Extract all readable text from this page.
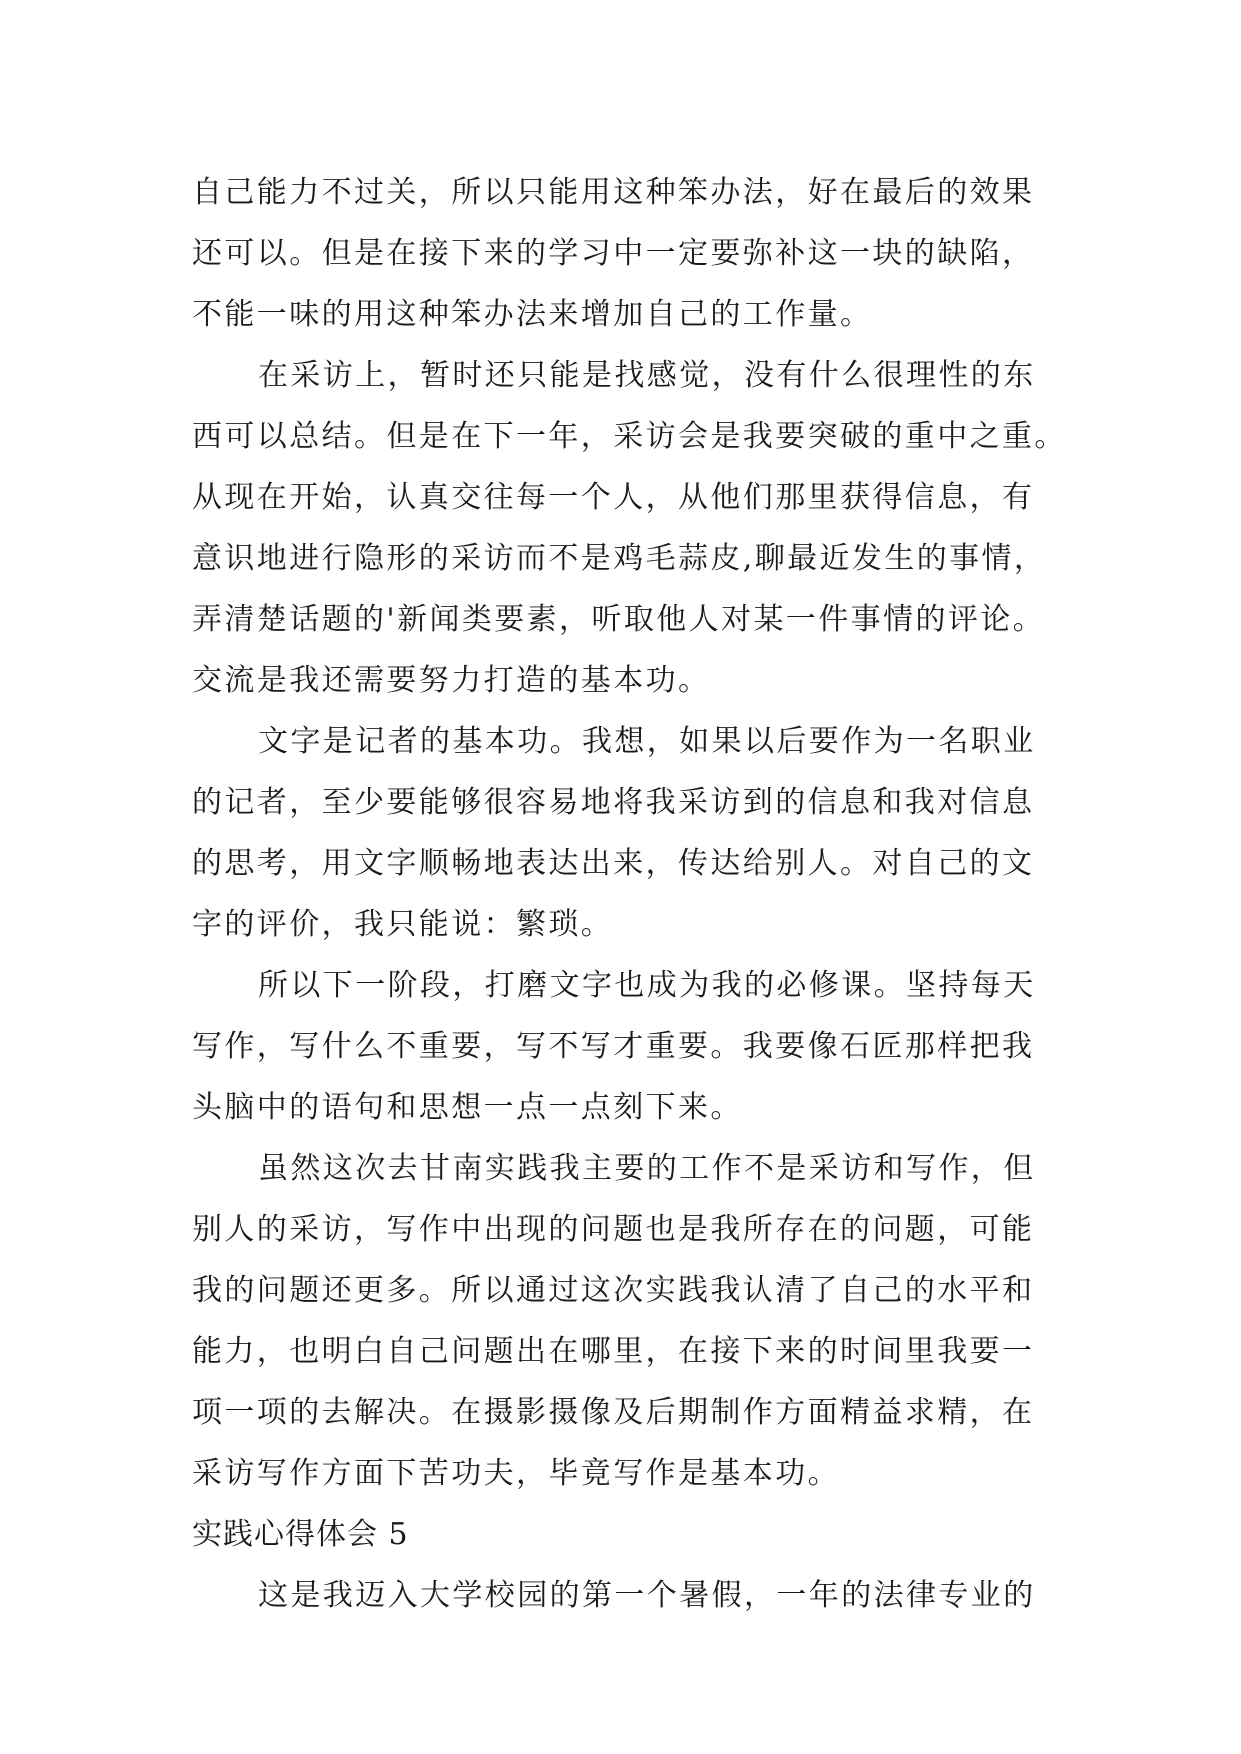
自己能力不过关，所以只能用这种笨办法，好在最后的效果
还可以。但是在接下来的学习中一定要弥补这一块的缺陷，
不能一味的用这种笨办法来增加自己的工作量。

在采访上，暂时还只能是找感觉，没有什么很理性的东
西可以总结。但是在下一年，采访会是我要突破的重中之重。
从现在开始，认真交往每一个人，从他们那里获得信息，有
意识地进行隐形的采访而不是鸡毛蒜皮,聊最近发生的事情，
弄清楚话题的'新闻类要素，听取他人对某一件事情的评论。
交流是我还需要努力打造的基本功。

文字是记者的基本功。我想，如果以后要作为一名职业
的记者，至少要能够很容易地将我采访到的信息和我对信息
的思考，用文字顺畅地表达出来，传达给别人。对自己的文
字的评价，我只能说：繁琐。

所以下一阶段，打磨文字也成为我的必修课。坚持每天
写作，写什么不重要，写不写才重要。我要像石匠那样把我
头脑中的语句和思想一点一点刻下来。

虽然这次去甘南实践我主要的工作不是采访和写作，但
别人的采访，写作中出现的问题也是我所存在的问题，可能
我的问题还更多。所以通过这次实践我认清了自己的水平和
能力，也明白自己问题出在哪里，在接下来的时间里我要一
项一项的去解决。在摄影摄像及后期制作方面精益求精，在
采访写作方面下苦功夫，毕竟写作是基本功。

实践心得体会 5

这是我迈入大学校园的第一个暑假，一年的法律专业的
